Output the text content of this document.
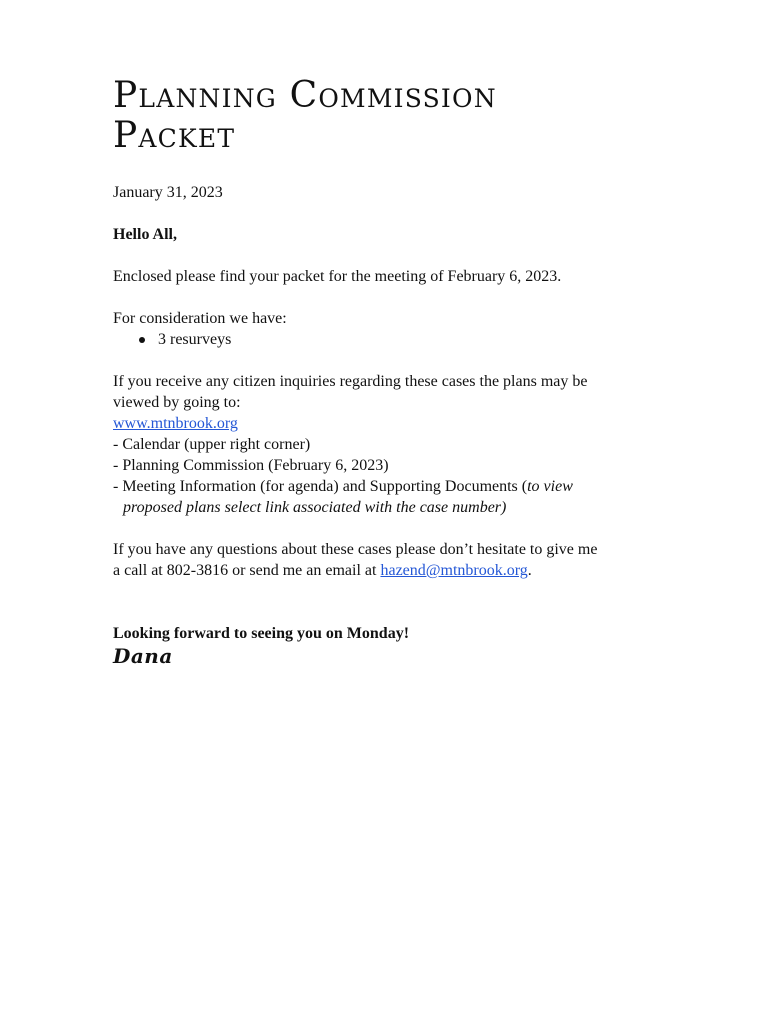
Planning Commission
Packet

January 31, 2023

Hello All,

Enclosed please find your packet for the meeting of February 6, 2023.

For consideration we have:

3 resurveys

If you receive any citizen inquiries regarding these cases the plans may be
viewed by going to:
www.mtnbrook.org

- Calendar (upper right corner)
- Planning Commission (February 6, 2023)
- Meeting Information (for agenda) and Supporting Documents (to view
proposed plans select link associated with the case number)

If you have any questions about these cases please don’t hesitate to give me
a call at 802-3816 or send me an email at hazend@mtnbrook.org.

Looking forward to seeing you on Monday!

Dana
